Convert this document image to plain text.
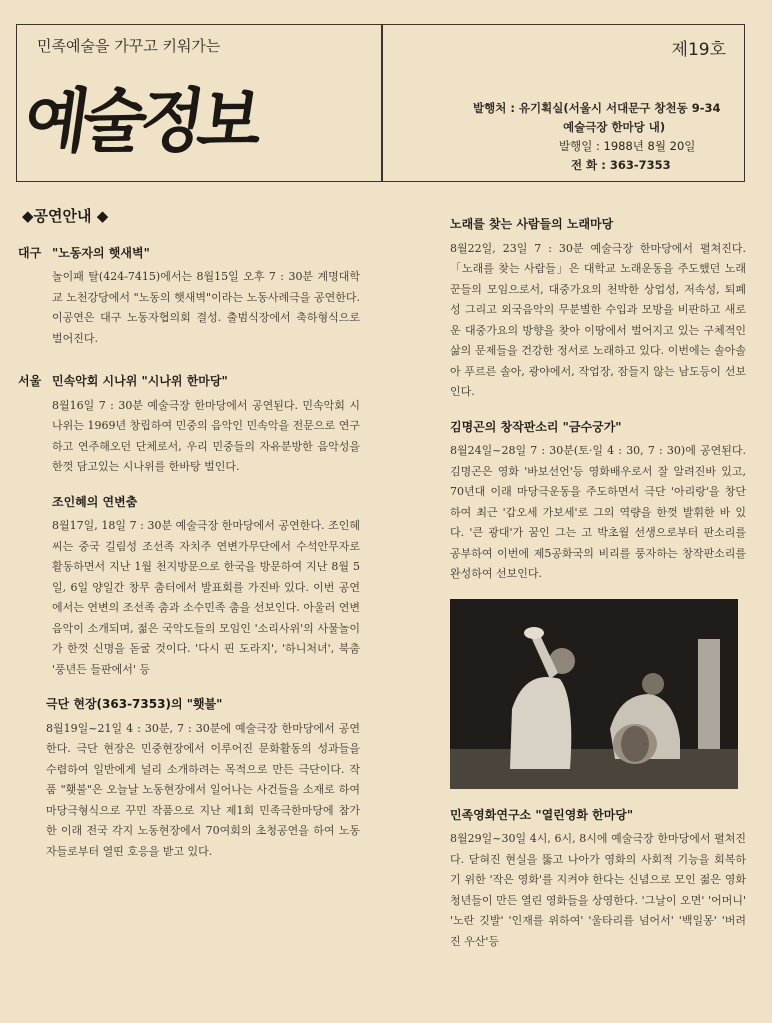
민족예술을 가꾸고 키워가는
예술정보
제19호
발행처 : 유기획실(서울시 서대문구 창천동 9-34
예술극장 한마당 내)
발행일 : 1988년 8월 20일
전 화 : 363-7353
◆공연안내 ◆
대구 "노동자의 햇새벽"
놀이패 탈(424-7415)에서는 8월15일 오후 7 : 30분 계명대학교 노천강당에서 "노동의 햇새벽"이라는 노동사례극을 공연한다. 이공연은 대구 노동자협의회 결성. 출범식장에서 축하형식으로 벌어진다.
서울 민속악회 시나위 "시나위 한마당"
8월16일 7 : 30분 예술극장 한마당에서 공연된다. 민속악회 시나위는 1969년 창립하여 민중의 음악인 민속악을 전문으로 연구하고 연주해오던 단체로서, 우리 민중들의 자유분방한 음악성을 한껏 담고있는 시나위를 한바탕 벌인다.
조인혜의 연변춤
8월17일, 18일 7 : 30분 예술극장 한마당에서 공연한다. 조인혜씨는 중국 길림성 조선족 자치주 연변가무단에서 수석안무자로 활동하면서 지난 1월 천지방문으로 한국을 방문하여 지난 8월 5일, 6일 양일간 창무 춤터에서 발표회를 가진바 있다. 이번 공연에서는 연변의 조선족 춤과 소수민족 춤을 선보인다. 아울러 연변음악이 소개되며, 젊은 국악도들의 모임인 '소리사위'의 사물놀이가 한껏 신명을 돋굴 것이다. '다시 핀 도라지', '하니처녀', 북춤 '풍년든 들판에서' 등
극단 현장(363-7353)의 "횃불"
8월19일~21일 4 : 30분, 7 : 30분에 예술극장 한마당에서 공연한다. 극단 현장은 민중현장에서 이루어진 문화활동의 성과들을 수렴하여 일반에게 널리 소개하려는 목적으로 만든 극단이다. 작품 "횃불"은 오늘날 노동현장에서 일어나는 사건들을 소재로 하여 마당극형식으로 꾸민 작품으로 지난 제1회 민족극한마당에 참가한 이래 전국 각지 노동현장에서 70여회의 초청공연을 하여 노동자들로부터 열띤 호응을 받고 있다.
노래를 찾는 사람들의 노래마당
8월22일, 23일 7 : 30분 예술극장 한마당에서 펼쳐진다. 「노래를 찾는 사람들」은 대학교 노래운동을 주도했던 노래꾼들의 모임으로서, 대중가요의 천박한 상업성, 저속성, 퇴폐성 그리고 외국음악의 무분별한 수입과 모방을 비판하고 새로운 대중가요의 방향을 찾아 이땅에서 벌어지고 있는 구체적인 삶의 문제들을 건강한 정서로 노래하고 있다. 이번에는 솔아솔아 푸르른 솔아, 광야에서, 작업장, 잠들지 않는 남도등이 선보인다.
김명곤의 창작판소리 "금수궁가"
8월24일~28일 7 : 30분(토·일 4 : 30, 7 : 30)에 공연된다. 김명곤은 영화 '바보선언'등 영화배우로서 잘 알려진바 있고, 70년대 이래 마당극운동을 주도하면서 극단 '아리랑'을 창단하여 최근 '갑오세 가보세'로 그의 역량을 한껏 발휘한 바 있다. '큰 광대'가 꿈인 그는 고 박초월 선생으로부터 판소리를 공부하여 이번에 제5공화국의 비리를 풍자하는 창작판소리를 완성하여 선보인다.
민족영화연구소 "열린영화 한마당"
8월29일~30일 4시, 6시, 8시에 예술극장 한마당에서 펼쳐진다. 닫혀진 현실을 뚫고 나아가 영화의 사회적 기능을 회복하기 위한 '작은 영화'를 지켜야 한다는 신념으로 모인 젊은 영화 청년들이 만든 열린 영화들을 상영한다. '그날이 오면' '어머니' '노란 깃발' '인재를 위하여' '울타리를 넘어서' '백일몽' '버려진 우산'등
